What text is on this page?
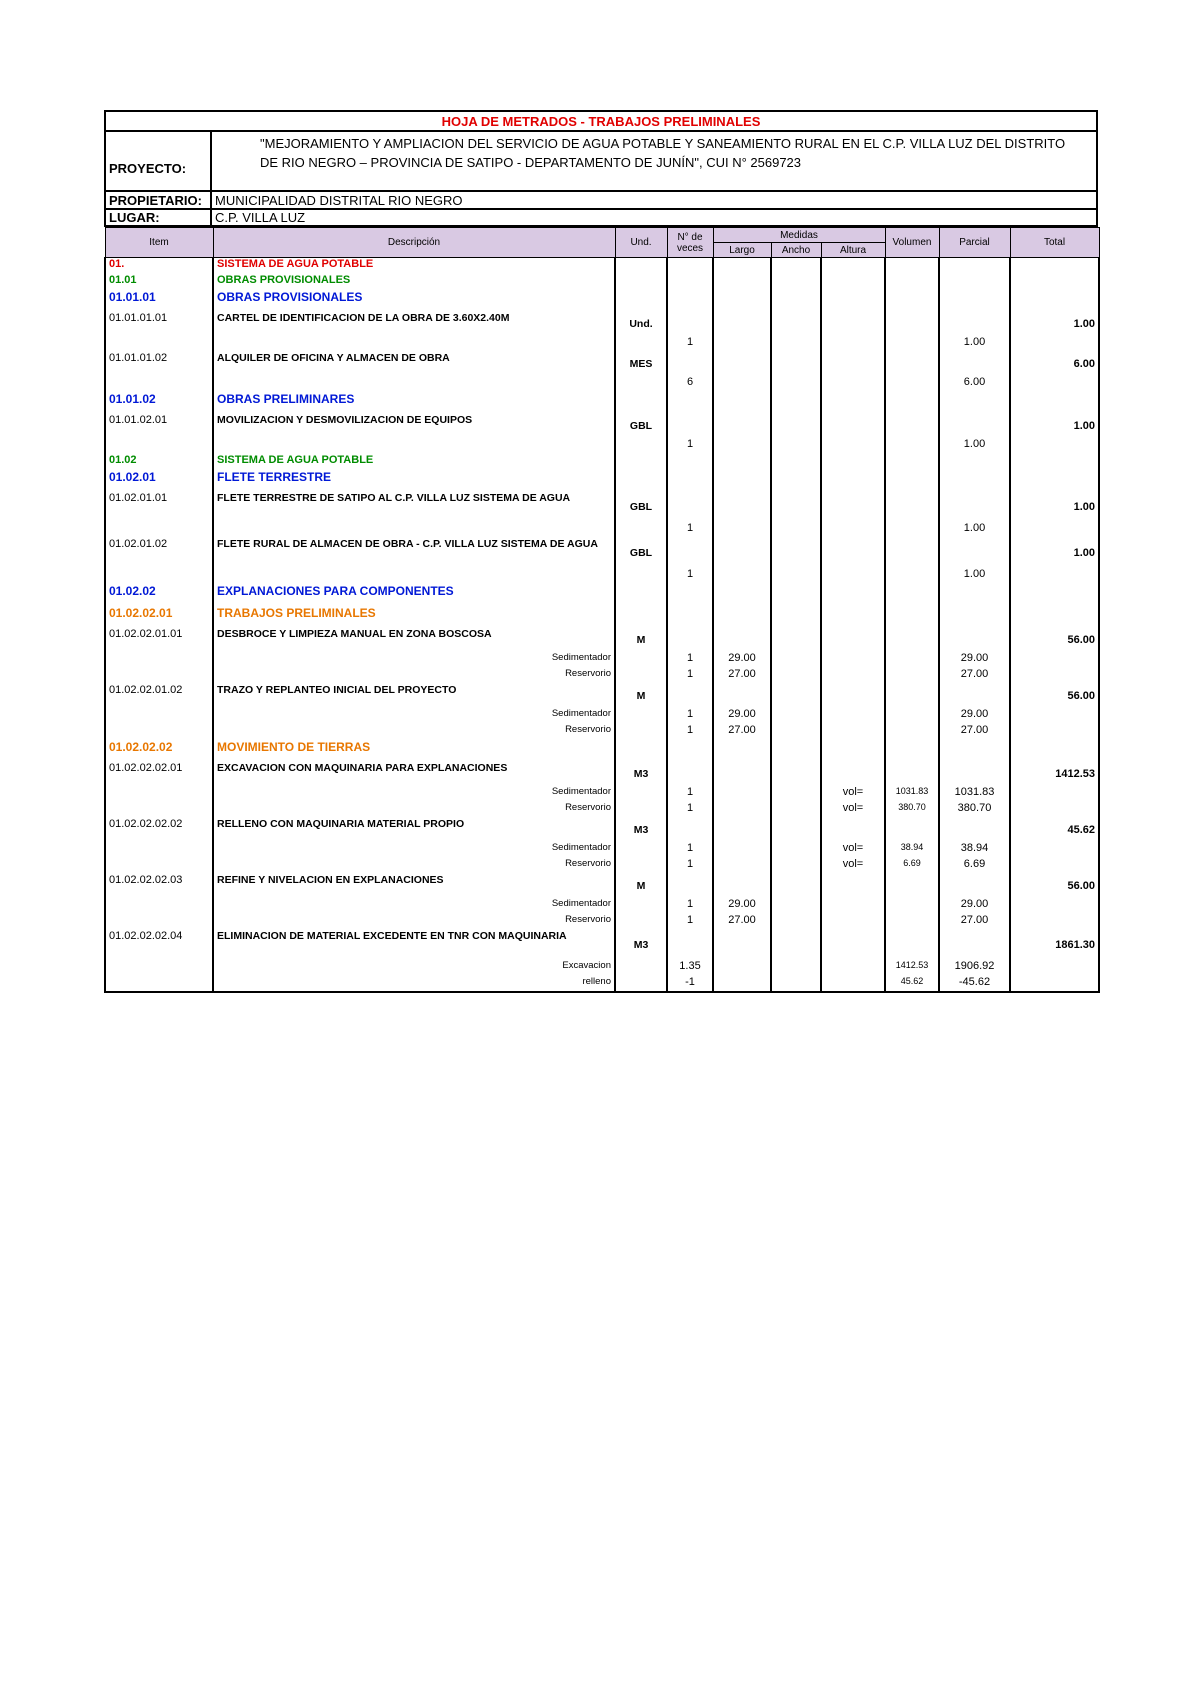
HOJA DE METRADOS - TRABAJOS PRELIMINALES	
PROYECTO:	"MEJORAMIENTO Y AMPLIACION DEL SERVICIO DE AGUA POTABLE Y SANEAMIENTO RURAL EN EL C.P. VILLA LUZ DEL DISTRITO DE RIO NEGRO – PROVINCIA DE SATIPO - DEPARTAMENTO DE JUNÍN", CUI N° 2569723
PROPIETARIO:	MUNICIPALIDAD DISTRITAL RIO NEGRO
LUGAR:	C.P. VILLA LUZ
Item	Descripción	Und.	N° de veces	Medidas			Volumen	Parcial	Total
				Largo	Ancho	Altura			
01.	SISTEMA DE AGUA POTABLE								
01.01	OBRAS PROVISIONALES								
01.01.01	OBRAS PROVISIONALES								
01.01.01.01	CARTEL DE IDENTIFICACION DE LA OBRA DE 3.60X2.40M	Und.							1.00
			1					1.00	
01.01.01.02	ALQUILER DE OFICINA Y ALMACEN DE OBRA	MES							6.00
			6					6.00	
01.01.02	OBRAS PRELIMINARES								
01.01.02.01	MOVILIZACION Y DESMOVILIZACION DE EQUIPOS	GBL							1.00
			1					1.00	
01.02	SISTEMA DE AGUA POTABLE								
01.02.01	FLETE TERRESTRE								
01.02.01.01	FLETE TERRESTRE DE SATIPO AL C.P. VILLA LUZ SISTEMA DE AGUA	GBL							1.00
			1					1.00	
01.02.01.02	FLETE RURAL DE ALMACEN DE OBRA - C.P. VILLA LUZ SISTEMA DE AGUA	GBL							1.00
			1					1.00	
01.02.02	EXPLANACIONES PARA COMPONENTES								
01.02.02.01	TRABAJOS PRELIMINALES								
01.02.02.01.01	DESBROCE Y LIMPIEZA MANUAL EN ZONA BOSCOSA	M							56.00
	Sedimentador		1	29.00				29.00	
	Reservorio		1	27.00				27.00	
01.02.02.01.02	TRAZO Y REPLANTEO INICIAL DEL PROYECTO	M							56.00
	Sedimentador		1	29.00				29.00	
	Reservorio		1	27.00				27.00	
01.02.02.02	MOVIMIENTO DE TIERRAS								
01.02.02.02.01	EXCAVACION CON MAQUINARIA PARA EXPLANACIONES	M3							1412.53
	Sedimentador		1			vol=	1031.83	1031.83	
	Reservorio		1			vol=	380.70	380.70	
01.02.02.02.02	RELLENO CON MAQUINARIA MATERIAL PROPIO	M3							45.62
	Sedimentador		1			vol=	38.94	38.94	
	Reservorio		1			vol=	6.69	6.69	
01.02.02.02.03	REFINE Y NIVELACION EN EXPLANACIONES	M							56.00
	Sedimentador		1	29.00				29.00	
	Reservorio		1	27.00				27.00	
01.02.02.02.04	ELIMINACION DE MATERIAL EXCEDENTE EN TNR CON MAQUINARIA	M3							1861.30
	Excavacion		1.35				1412.53	1906.92	
	relleno		-1				45.62	-45.62	
